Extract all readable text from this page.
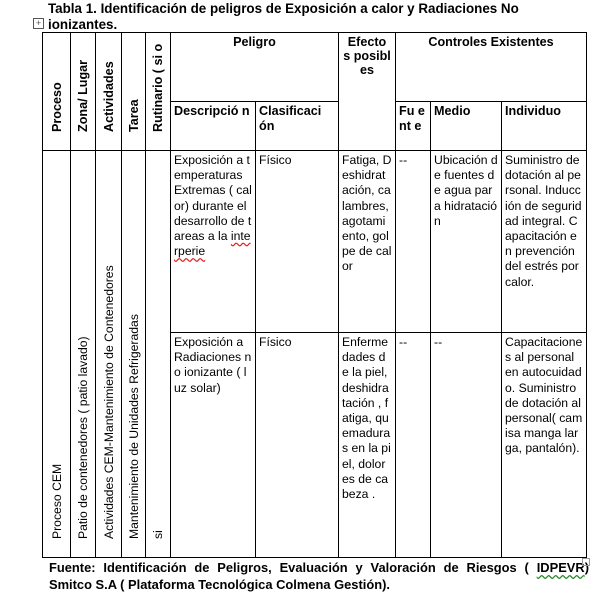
Tabla 1. Identificación de peligros de Exposición a calor y Radiaciones No ionizantes.
+
Proceso	Zona/ Lugar	Actividades	Tarea	Rutinario ( si o	Peligro		Efecto s posibl es	Controles Existentes		

					Descripció n	Clasificaci ón		Fu ent e	Medio	Individuo

Proceso CEM	Patio de contenedores ( patio lavado)	Actividades CEM-Mantenimiento de Contenedores	Mantenimiento de Unidades Refrigeradas	si	Exposición a temperaturas Extremas ( calor) durante el desarrollo de tareas a la interperie	Físico	Fatiga, Deshidratación, calambres, agotamiento, golpe de calor	--	Ubicación de fuentes de agua para hidratación	Suministro de dotación al personal. Inducción de seguridad integral. Capacitación en prevención del estrés por calor.

					Exposición a Radiaciones no ionizante ( luz solar)	Físico	Enfermedades de la piel, deshidratación , fatiga, quemaduras en la piel, dolores de cabeza .	--	--	Capacitaciones al personal en autocuidado. Suministro de dotación al personal( camisa manga larga, pantalón).
Fuente: Identificación de Peligros, Evaluación y Valoración de Riesgos ( IDPEVR) Smitco S.A ( Plataforma Tecnológica Colmena Gestión).
